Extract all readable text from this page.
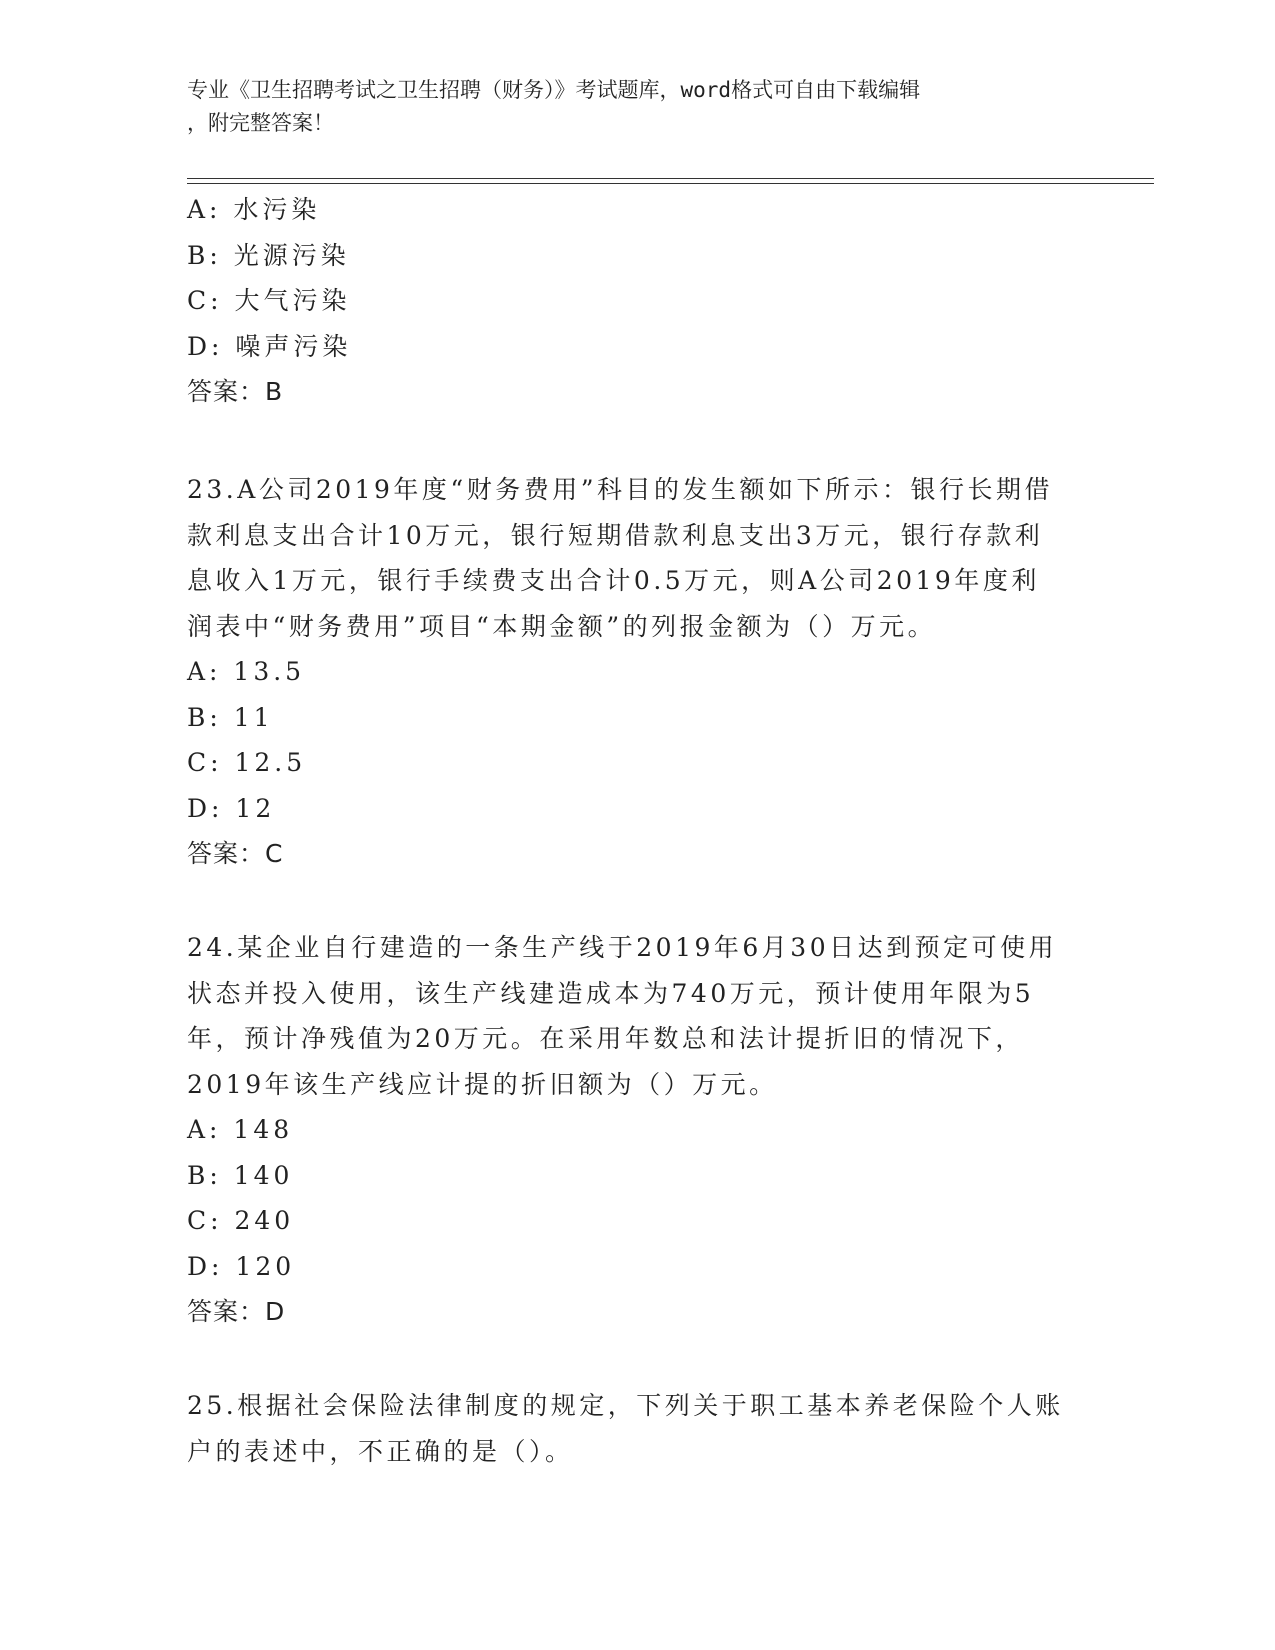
专业《卫生招聘考试之卫生招聘（财务）》考试题库，word格式可自由下载编辑
，附完整答案！
A: 水污染
B: 光源污染
C: 大气污染
D: 噪声污染
答案：B
23.A公司2019年度“财务费用”科目的发生额如下所示：银行长期借
款利息支出合计10万元，银行短期借款利息支出3万元，银行存款利
息收入1万元，银行手续费支出合计0.5万元，则A公司2019年度利
润表中“财务费用”项目“本期金额”的列报金额为（）万元。
A: 13.5
B: 11
C: 12.5
D: 12
答案：C
24.某企业自行建造的一条生产线于2019年6月30日达到预定可使用
状态并投入使用，该生产线建造成本为740万元，预计使用年限为5
年，预计净残值为20万元。在采用年数总和法计提折旧的情况下，
2019年该生产线应计提的折旧额为（）万元。
A: 148
B: 140
C: 240
D: 120
答案：D
25.根据社会保险法律制度的规定，下列关于职工基本养老保险个人账
户的表述中，不正确的是（）。
